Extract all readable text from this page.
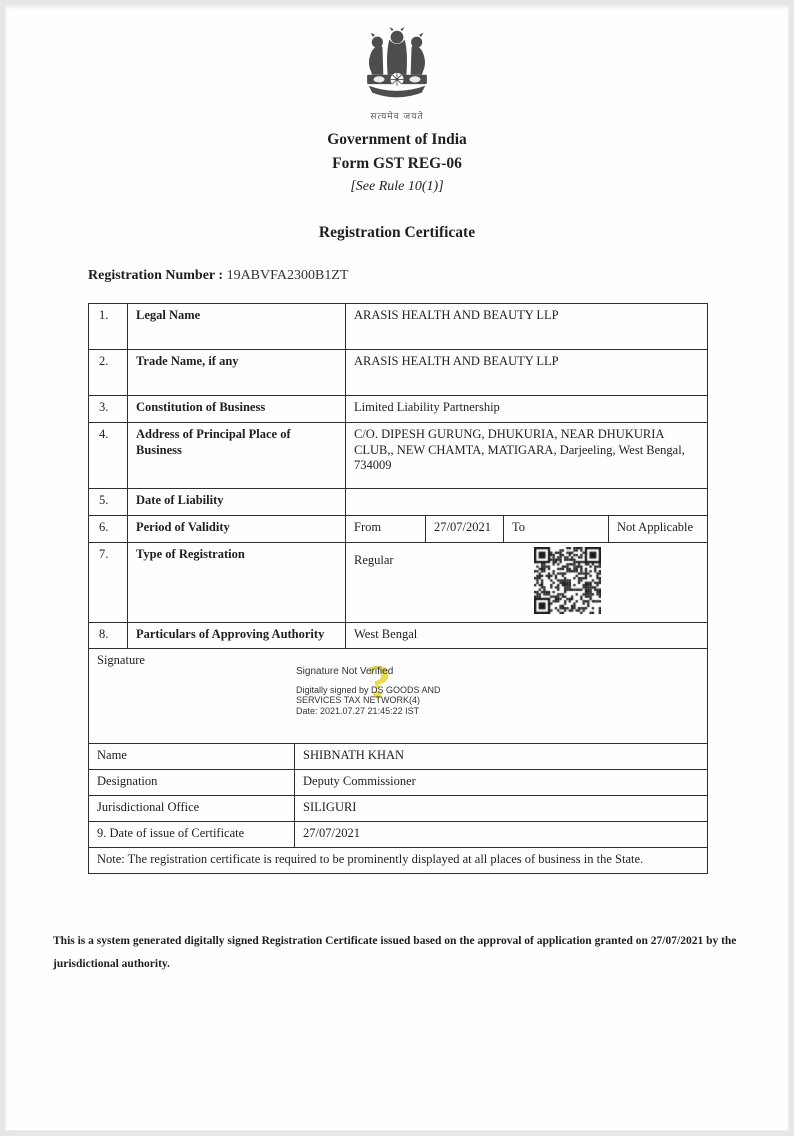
सत्यमेव जयते
Government of India
Form GST REG-06
[See Rule 10(1)]
Registration Certificate
Registration Number : 19ABVFA2300B1ZT
1.	Legal Name	ARASIS HEALTH AND BEAUTY LLP			
2.	Trade Name, if any	ARASIS HEALTH AND BEAUTY LLP			
3.	Constitution of Business	Limited Liability Partnership			
4.	Address of Principal Place of Business	C/O. DIPESH GURUNG, DHUKURIA, NEAR DHUKURIA CLUB,, NEW CHAMTA, MATIGARA, Darjeeling, West Bengal, 734009			
5.	Date of Liability				
6.	Period of Validity	From	27/07/2021	To	Not Applicable
7.	Type of Registration	Regular			

8.	Particulars of Approving Authority	West Bengal			
Signature	?
Signature Not Verified
Digitally signed by DS GOODS AND
SERVICES TAX NETWORK(4)
Date: 2021.07.27 21:45:22 IST
Name	SHIBNATH KHAN
Designation	Deputy Commissioner
Jurisdictional Office	SILIGURI
9. Date of issue of Certificate	27/07/2021
Note: The registration certificate is required to be prominently displayed at all places of business in the State.	
This is a system generated digitally signed Registration Certificate issued based on the approval of application granted on 27/07/2021 by the jurisdictional authority.
